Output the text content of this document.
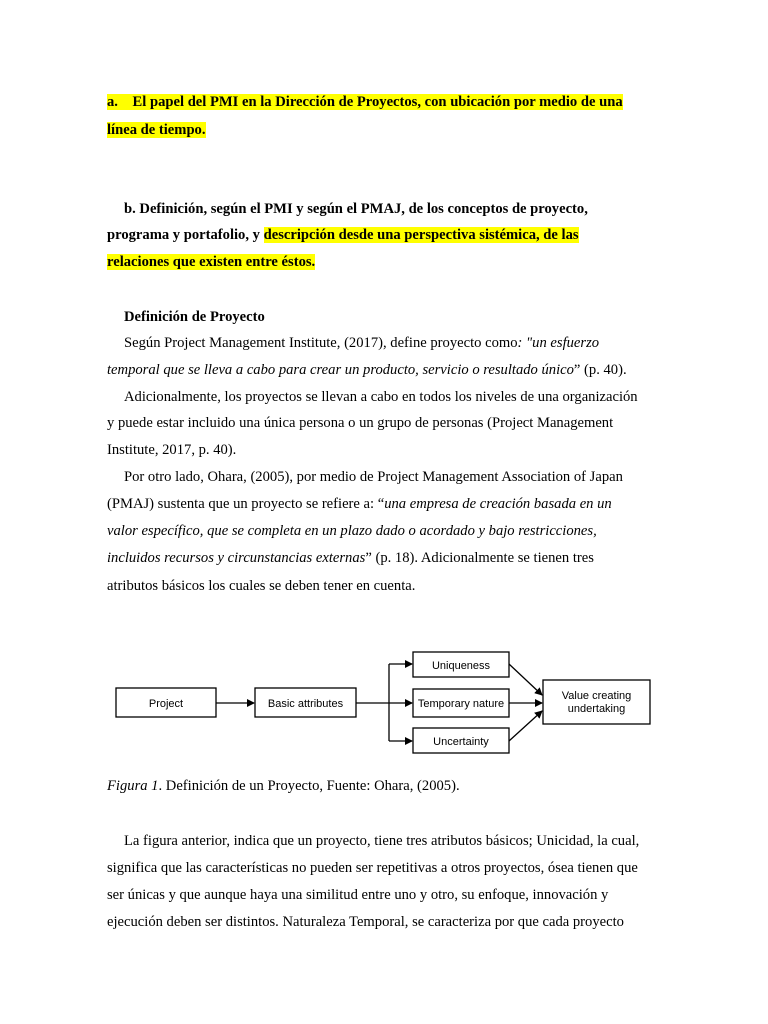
a. El papel del PMI en la Dirección de Proyectos, con ubicación por medio de una
línea de tiempo.
b. Definición, según el PMI y según el PMAJ, de los conceptos de proyecto,
programa y portafolio, y descripción desde una perspectiva sistémica, de las
relaciones que existen entre éstos.
Definición de Proyecto
Según Project Management Institute, (2017), define proyecto como: "un esfuerzo
temporal que se lleva a cabo para crear un producto, servicio o resultado único” (p. 40).
Adicionalmente, los proyectos se llevan a cabo en todos los niveles de una organización
y puede estar incluido una única persona o un grupo de personas (Project Management
Institute, 2017, p. 40).
Por otro lado, Ohara, (2005), por medio de Project Management Association of Japan
(PMAJ) sustenta que un proyecto se refiere a: “una empresa de creación basada en un
valor específico, que se completa en un plazo dado o acordado y bajo restricciones,
incluidos recursos y circunstancias externas” (p. 18). Adicionalmente se tienen tres
atributos básicos los cuales se deben tener en cuenta.
Project	Basic attributes
Uniqueness
Temporary nature
Uncertainty
Value creating
undertaking
Figura 1. Definición de un Proyecto, Fuente: Ohara, (2005).
La figura anterior, indica que un proyecto, tiene tres atributos básicos; Unicidad, la cual,
significa que las características no pueden ser repetitivas a otros proyectos, ósea tienen que
ser únicas y que aunque haya una similitud entre uno y otro, su enfoque, innovación y
ejecución deben ser distintos. Naturaleza Temporal, se caracteriza por que cada proyecto
